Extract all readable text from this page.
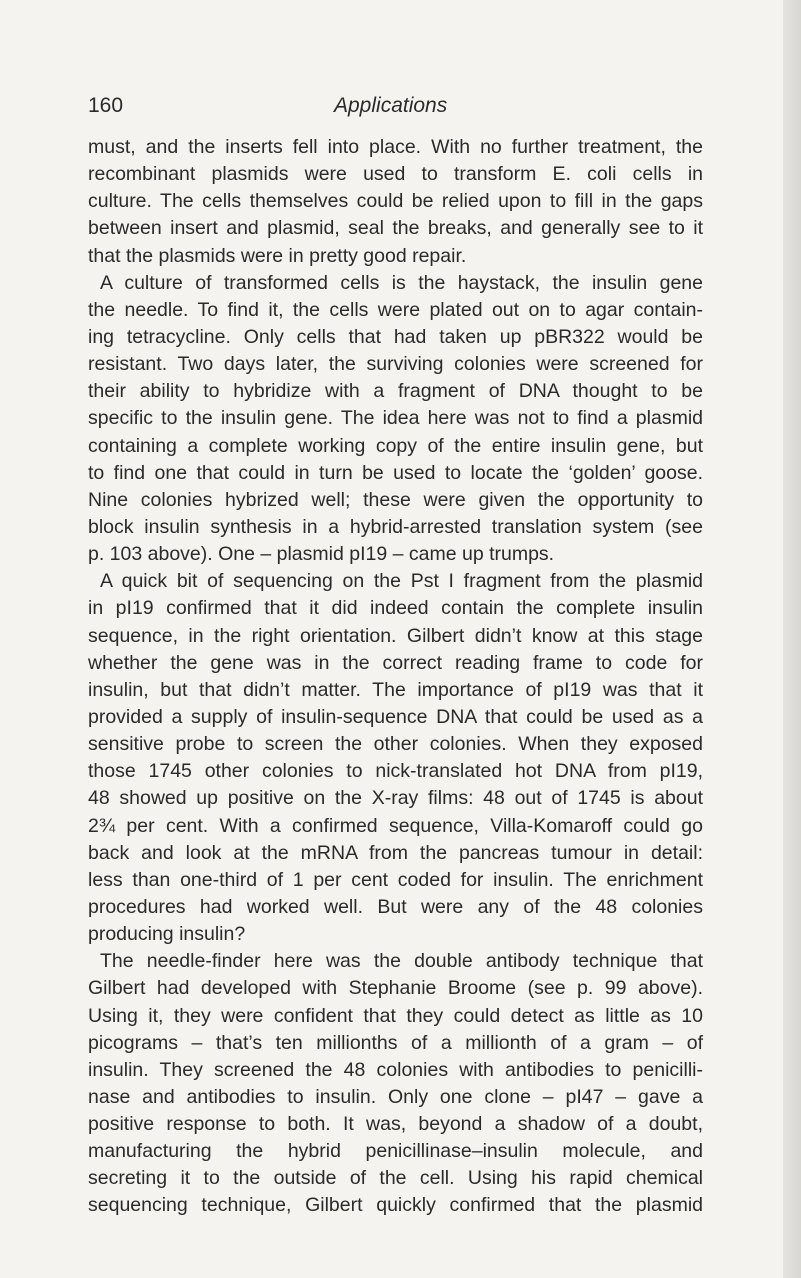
160	Applications
must, and the inserts fell into place. With no further treatment, the
recombinant plasmids were used to transform E. coli cells in
culture. The cells themselves could be relied upon to fill in the gaps
between insert and plasmid, seal the breaks, and generally see to it
that the plasmids were in pretty good repair.
A culture of transformed cells is the haystack, the insulin gene
the needle. To find it, the cells were plated out on to agar contain-
ing tetracycline. Only cells that had taken up pBR322 would be
resistant. Two days later, the surviving colonies were screened for
their ability to hybridize with a fragment of DNA thought to be
specific to the insulin gene. The idea here was not to find a plasmid
containing a complete working copy of the entire insulin gene, but
to find one that could in turn be used to locate the ‘golden’ goose.
Nine colonies hybrized well; these were given the opportunity to
block insulin synthesis in a hybrid-arrested translation system (see
p. 103 above). One – plasmid pI19 – came up trumps.
A quick bit of sequencing on the Pst I fragment from the plasmid
in pI19 confirmed that it did indeed contain the complete insulin
sequence, in the right orientation. Gilbert didn’t know at this stage
whether the gene was in the correct reading frame to code for
insulin, but that didn’t matter. The importance of pI19 was that it
provided a supply of insulin-sequence DNA that could be used as a
sensitive probe to screen the other colonies. When they exposed
those 1745 other colonies to nick-translated hot DNA from pI19,
48 showed up positive on the X-ray films: 48 out of 1745 is about
2¾ per cent. With a confirmed sequence, Villa-Komaroff could go
back and look at the mRNA from the pancreas tumour in detail:
less than one-third of 1 per cent coded for insulin. The enrichment
procedures had worked well. But were any of the 48 colonies
producing insulin?
The needle-finder here was the double antibody technique that
Gilbert had developed with Stephanie Broome (see p. 99 above).
Using it, they were confident that they could detect as little as 10
picograms – that’s ten millionths of a millionth of a gram – of
insulin. They screened the 48 colonies with antibodies to penicilli-
nase and antibodies to insulin. Only one clone – pI47 – gave a
positive response to both. It was, beyond a shadow of a doubt,
manufacturing the hybrid penicillinase–insulin molecule, and
secreting it to the outside of the cell. Using his rapid chemical
sequencing technique, Gilbert quickly confirmed that the plasmid
